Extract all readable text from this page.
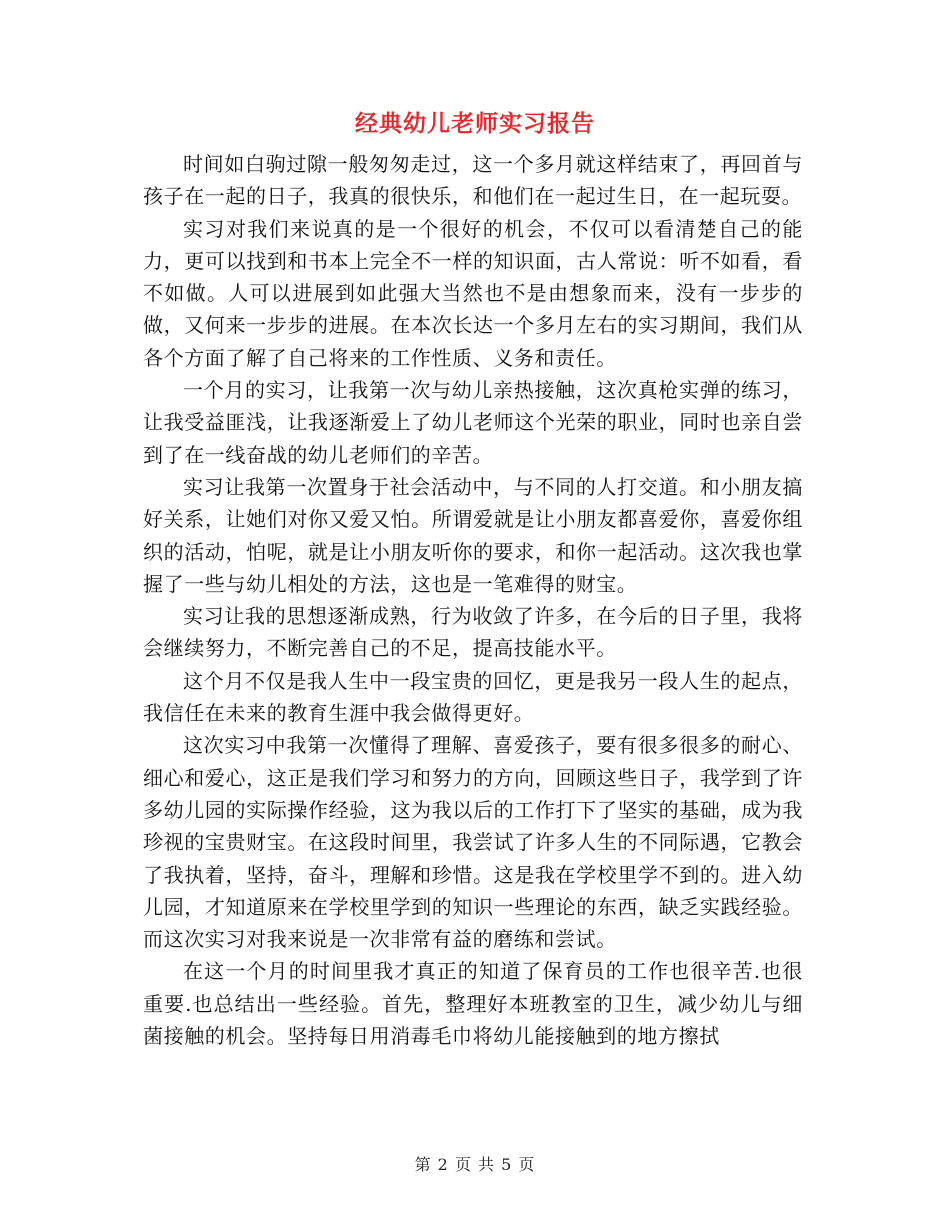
经典幼儿老师实习报告

时间如白驹过隙一般匆匆走过，这一个多月就这样结束了，再回首与孩子在一起的日子，我真的很快乐，和他们在一起过生日，在一起玩耍。

实习对我们来说真的是一个很好的机会，不仅可以看清楚自己的能力，更可以找到和书本上完全不一样的知识面，古人常说：听不如看，看不如做。人可以进展到如此强大当然也不是由想象而来，没有一步步的做，又何来一步步的进展。在本次长达一个多月左右的实习期间，我们从各个方面了解了自己将来的工作性质、义务和责任。

一个月的实习，让我第一次与幼儿亲热接触，这次真枪实弹的练习，让我受益匪浅，让我逐渐爱上了幼儿老师这个光荣的职业，同时也亲自尝到了在一线奋战的幼儿老师们的辛苦。

实习让我第一次置身于社会活动中，与不同的人打交道。和小朋友搞好关系，让她们对你又爱又怕。所谓爱就是让小朋友都喜爱你，喜爱你组织的活动，怕呢，就是让小朋友听你的要求，和你一起活动。这次我也掌握了一些与幼儿相处的方法，这也是一笔难得的财宝。

实习让我的思想逐渐成熟，行为收敛了许多，在今后的日子里，我将会继续努力，不断完善自己的不足，提高技能水平。

这个月不仅是我人生中一段宝贵的回忆，更是我另一段人生的起点，我信任在未来的教育生涯中我会做得更好。

这次实习中我第一次懂得了理解、喜爱孩子，要有很多很多的耐心、细心和爱心，这正是我们学习和努力的方向，回顾这些日子，我学到了许多幼儿园的实际操作经验，这为我以后的工作打下了坚实的基础，成为我珍视的宝贵财宝。在这段时间里，我尝试了许多人生的不同际遇，它教会了我执着，坚持，奋斗，理解和珍惜。这是我在学校里学不到的。进入幼儿园，才知道原来在学校里学到的知识一些理论的东西，缺乏实践经验。而这次实习对我来说是一次非常有益的磨练和尝试。

在这一个月的时间里我才真正的知道了保育员的工作也很辛苦.也很重要.也总结出一些经验。首先，整理好本班教室的卫生，减少幼儿与细菌接触的机会。坚持每日用消毒毛巾将幼儿能接触到的地方擦拭

第 2 页 共 5 页
